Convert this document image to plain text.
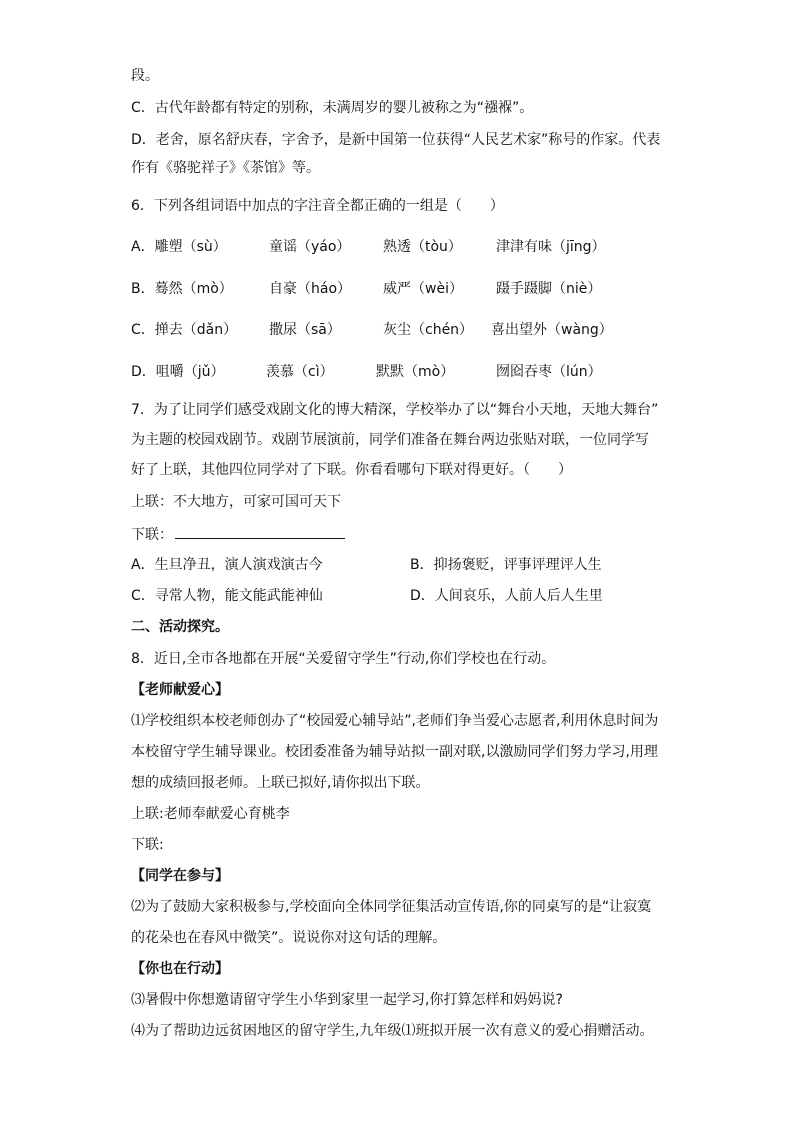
段。
C．古代年龄都有特定的别称，未满周岁的婴儿被称之为“襁褓”。
D．老舍，原名舒庆春，字舍予，是新中国第一位获得“人民艺术家”称号的作家。代表
作有《骆驼祥子》《茶馆》等。
6．下列各组词语中加点的字注音全都正确的一组是（　　）
A．雕塑（sù）	童谣（yáo） 熟透（tòu） 津津有味（jīng）
B．蓦然（mò）	自豪（háo） 威严（wèi） 蹑手蹑脚（niè）
C．掸去（dǎn） 撒尿（sā）	灰尘（chén） 喜出望外（wàng）
D．咀嚼（jǔ）	羡慕（cì）	默默（mò）	囫囵吞枣（lún）
7．为了让同学们感受戏剧文化的博大精深，学校举办了以“舞台小天地，天地大舞台”
为主题的校园戏剧节。戏剧节展演前，同学们准备在舞台两边张贴对联，一位同学写
好了上联，其他四位同学对了下联。你看看哪句下联对得更好。（　　）
上联：不大地方，可家可国可天下
下联：
A．生旦净丑，演人演戏演古今	B．抑扬褒贬，评事评理评人生
C．寻常人物，能文能武能神仙	D．人间哀乐，人前人后人生里
二、活动探究。
8．近日,全市各地都在开展“关爱留守学生”行动,你们学校也在行动。
【老师献爱心】
⑴学校组织本校老师创办了“校园爱心辅导站”,老师们争当爱心志愿者,利用休息时间为
本校留守学生辅导课业。校团委准备为辅导站拟一副对联,以激励同学们努力学习,用理
想的成绩回报老师。上联已拟好,请你拟出下联。
上联:老师奉献爱心育桃李
下联:
【同学在参与】
⑵为了鼓励大家积极参与,学校面向全体同学征集活动宣传语,你的同桌写的是“让寂寞
的花朵也在春风中微笑”。说说你对这句话的理解。
【你也在行动】
⑶暑假中你想邀请留守学生小华到家里一起学习,你打算怎样和妈妈说?
⑷为了帮助边远贫困地区的留守学生,九年级⑴班拟开展一次有意义的爱心捐赠活动。
